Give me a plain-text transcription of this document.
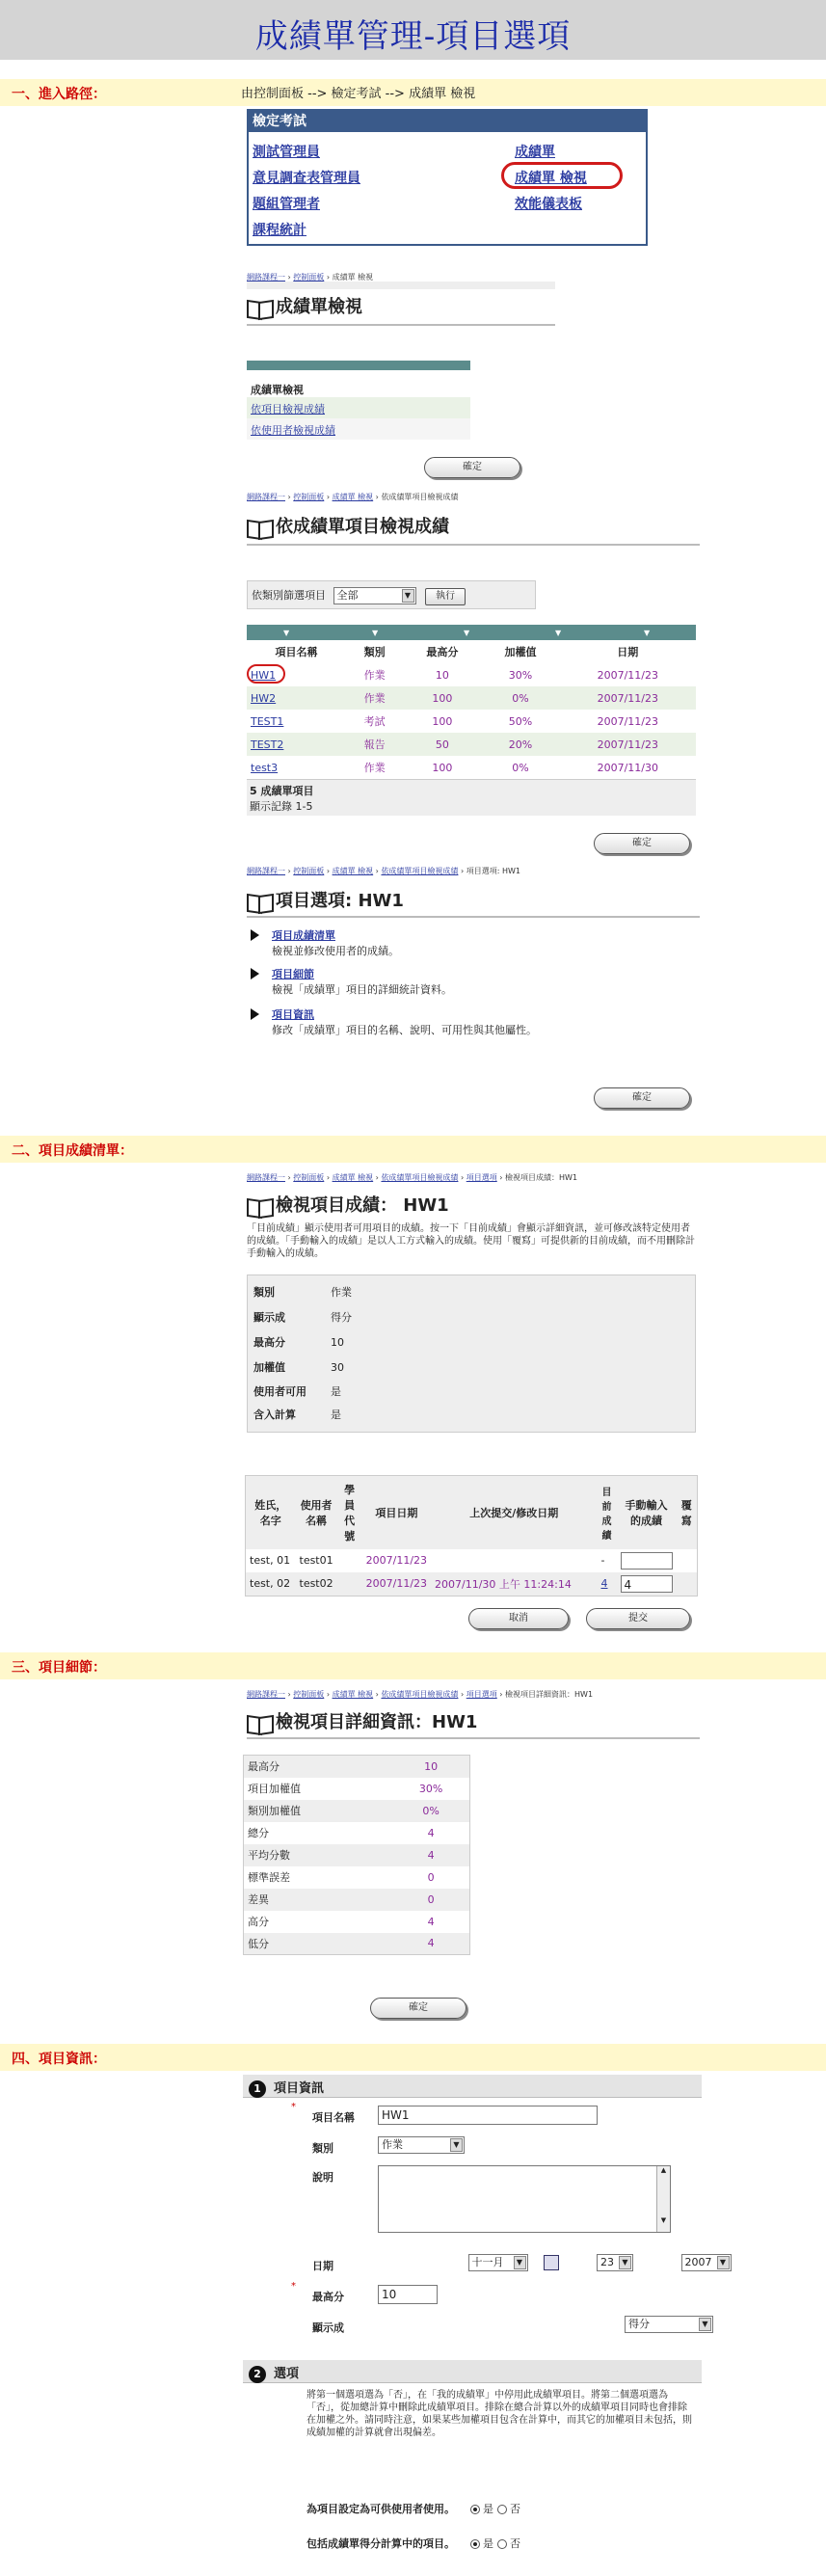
成績單管理-項目選項
一、進入路徑：	由控制面板 --> 檢定考試 --> 成績單 檢視
檢定考試
測試管理員
意見調查表管理員
題組管理者
課程統計
成績單
成績單 檢視
效能儀表板
網路課程一 › 控制面板 › 成績單 檢視
成績單檢視
成績單檢視
依項目檢視成績
依使用者檢視成績
確定
網路課程一 › 控制面板 › 成績單 檢視 › 依成績單項目檢視成績
依成績單項目檢視成績
依類別篩選項目 全部	▼	執行
▼	▼	▼	▼	▼
項目名稱	類別	最高分	加權值	日期
HW1	作業	10	30%	2007/11/23
HW2	作業	100	0%	2007/11/23
TEST1	考試	100	50%	2007/11/23
TEST2	報告	50	20%	2007/11/23
test3	作業	100	0%	2007/11/30
5 成績單項目
顯示記錄 1-5
確定
網路課程一 › 控制面板 › 成績單 檢視 › 依成績單項目檢視成績 › 項目選項: HW1
項目選項: HW1
項目成績清單
檢視並修改使用者的成績。
項目細節
檢視「成績單」項目的詳細統計資料。
項目資訊
修改「成績單」項目的名稱、說明、可用性與其他屬性。
確定
二、項目成績清單：
網路課程一 › 控制面板 › 成績單 檢視 › 依成績單項目檢視成績 › 項目選項 › 檢視項目成績：HW1
檢視項目成績： HW1
「目前成績」顯示使用者可用項目的成績。按一下「目前成績」會顯示詳細資訊，並可修改該特定使用者的成績。「手動輸入的成績」是以人工方式輸入的成績。使用「覆寫」可提供新的目前成績，而不用刪除計手動輸入的成績。
類別	作業
顯示成	得分
最高分	10
加權值	30
使用者可用	是
含入計算	是
姓氏，名字	使用者名稱	學員代號	項目日期	上次提交/修改日期	目前成績	手動輸入的成績	覆寫
test, 01	test01		2007/11/23		-		
test, 02	test02		2007/11/23	2007/11/30 上午 11:24:14	4	4	
取消	提交
三、項目細節：
網路課程一 › 控制面板 › 成績單 檢視 › 依成績單項目檢視成績 › 項目選項 › 檢視項目詳細資訊：HW1
檢視項目詳細資訊：HW1
最高分	10
項目加權值	30%
類別加權值	0%
總分	4
平均分數	4
標準誤差	0
差異	0
高分	4
低分	4
確定
四、項目資訊：
1 項目資訊
*
項目名稱	HW1
類別	作業	▼

說明
▲
▼
日期	十一月	▼	23	▼	2007	▼

*
最高分	10
顯示成	得分	▼
2 選項
將第一個選項選為「否」，在「我的成績單」中停用此成績單項目。將第二個選項選為「否」，從加總計算中刪除此成績單項目。排除在總合計算以外的成績單項目同時也會排除在加權之外。請同時注意，如果某些加權項目包含在計算中，而其它的加權項目未包括，則成績加權的計算就會出現偏差。
為項目設定為可供使用者使用。	是 否
包括成績單得分計算中的項目。	是 否
